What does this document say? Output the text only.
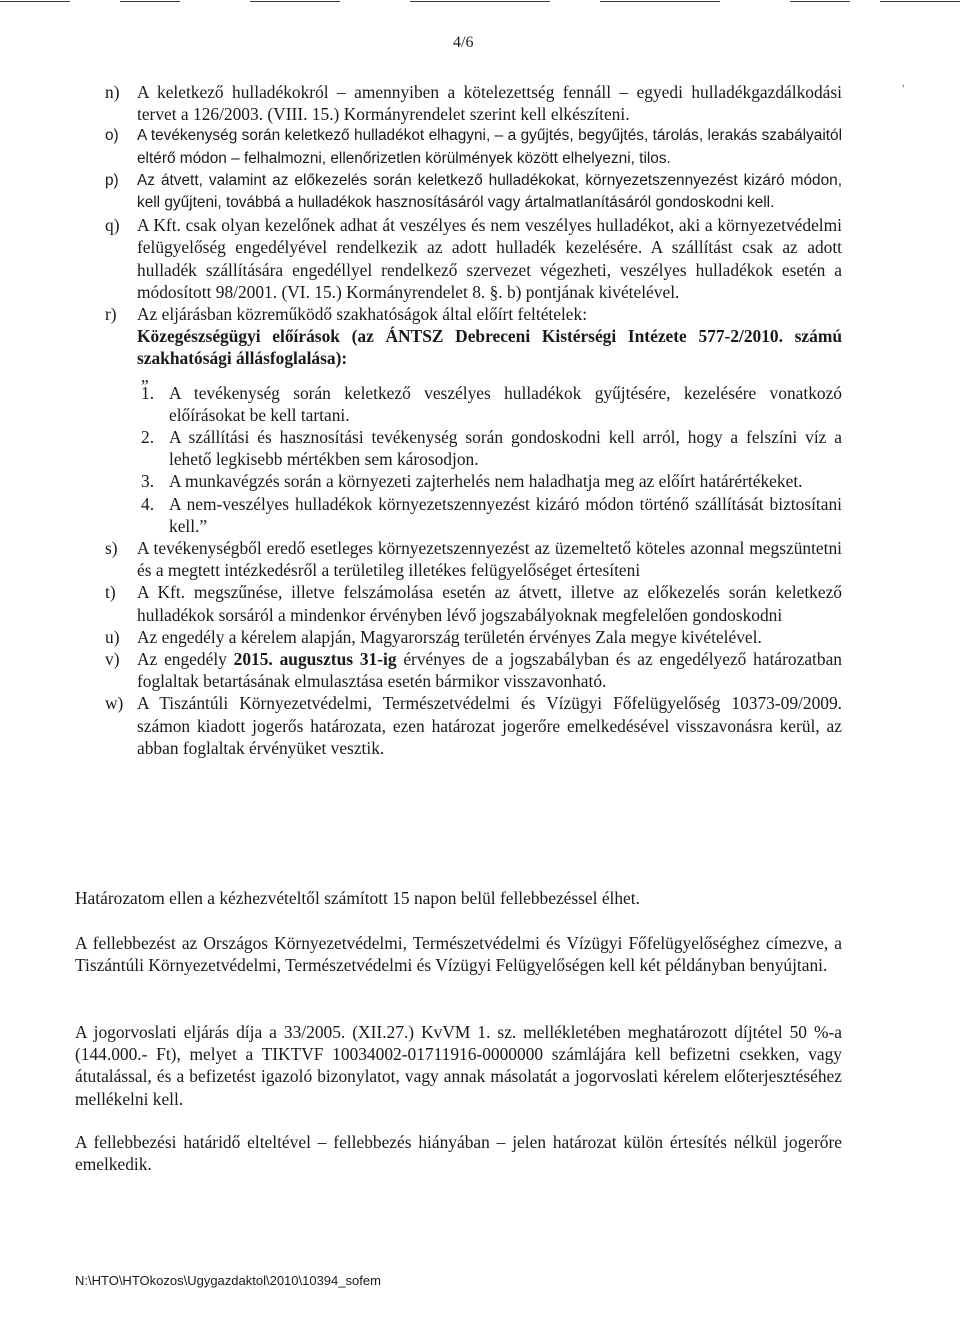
4/6
,
n) A keletkező hulladékokról – amennyiben a kötelezettség fennáll – egyedi hulladékgazdálkodási tervet a 126/2003. (VIII. 15.) Kormányrendelet szerint kell elkészíteni.
o) A tevékenység során keletkező hulladékot elhagyni, – a gyűjtés, begyűjtés, tárolás, lerakás szabályaitól eltérő módon – felhalmozni, ellenőrizetlen körülmények között elhelyezni, tilos.
p) Az átvett, valamint az előkezelés során keletkező hulladékokat, környezetszennyezést kizáró módon, kell gyűjteni, továbbá a hulladékok hasznosításáról vagy ártalmatlanításáról gondoskodni kell.
q) A Kft. csak olyan kezelőnek adhat át veszélyes és nem veszélyes hulladékot, aki a környezetvédelmi felügyelőség engedélyével rendelkezik az adott hulladék kezelésére. A szállítást csak az adott hulladék szállítására engedéllyel rendelkező szervezet végezheti, veszélyes hulladékok esetén a módosított 98/2001. (VI. 15.) Kormányrendelet 8. §. b) pontjának kivételével.
r) Az eljárásban közreműködő szakhatóságok által előírt feltételek:
Közegészségügyi előírások (az ÁNTSZ Debreceni Kistérségi Intézete 577-2/2010. számú szakhatósági állásfoglalása):
„
1. A tevékenység során keletkező veszélyes hulladékok gyűjtésére, kezelésére vonatkozó előírásokat be kell tartani.
2. A szállítási és hasznosítási tevékenység során gondoskodni kell arról, hogy a felszíni víz a lehető legkisebb mértékben sem károsodjon.
3. A munkavégzés során a környezeti zajterhelés nem haladhatja meg az előírt határértékeket.
4. A nem-veszélyes hulladékok környezetszennyezést kizáró módon történő szállítását biztosítani kell.”
s) A tevékenységből eredő esetleges környezetszennyezést az üzemeltető köteles azonnal megszüntetni és a megtett intézkedésről a területileg illetékes felügyelőséget értesíteni
t) A Kft. megszűnése, illetve felszámolása esetén az átvett, illetve az előkezelés során keletkező hulladékok sorsáról a mindenkor érvényben lévő jogszabályoknak megfelelően gondoskodni
u) Az engedély a kérelem alapján, Magyarország területén érvényes Zala megye kivételével.
v) Az engedély 2015. augusztus 31-ig érvényes de a jogszabályban és az engedélyező határozatban foglaltak betartásának elmulasztása esetén bármikor visszavonható.
w) A Tiszántúli Környezetvédelmi, Természetvédelmi és Vízügyi Főfelügyelőség 10373-09/2009. számon kiadott jogerős határozata, ezen határozat jogerőre emelkedésével visszavonásra kerül, az abban foglaltak érvényüket vesztik.
Határozatom ellen a kézhezvételtől számított 15 napon belül fellebbezéssel élhet.
A fellebbezést az Országos Környezetvédelmi, Természetvédelmi és Vízügyi Főfelügyelőséghez címezve, a Tiszántúli Környezetvédelmi, Természetvédelmi és Vízügyi Felügyelőségen kell két példányban benyújtani.
A jogorvoslati eljárás díja a 33/2005. (XII.27.) KvVM 1. sz. mellékletében meghatározott díjtétel 50 %-a (144.000.- Ft), melyet a TIKTVF 10034002-01711916-0000000 számlájára kell befizetni csekken, vagy átutalással, és a befizetést igazoló bizonylatot, vagy annak másolatát a jogorvoslati kérelem előterjesztéséhez mellékelni kell.
A fellebbezési határidő elteltével – fellebbezés hiányában – jelen határozat külön értesítés nélkül jogerőre emelkedik.
N:\HTO\HTOkozos\Ugygazdaktol\2010\10394_sofem
